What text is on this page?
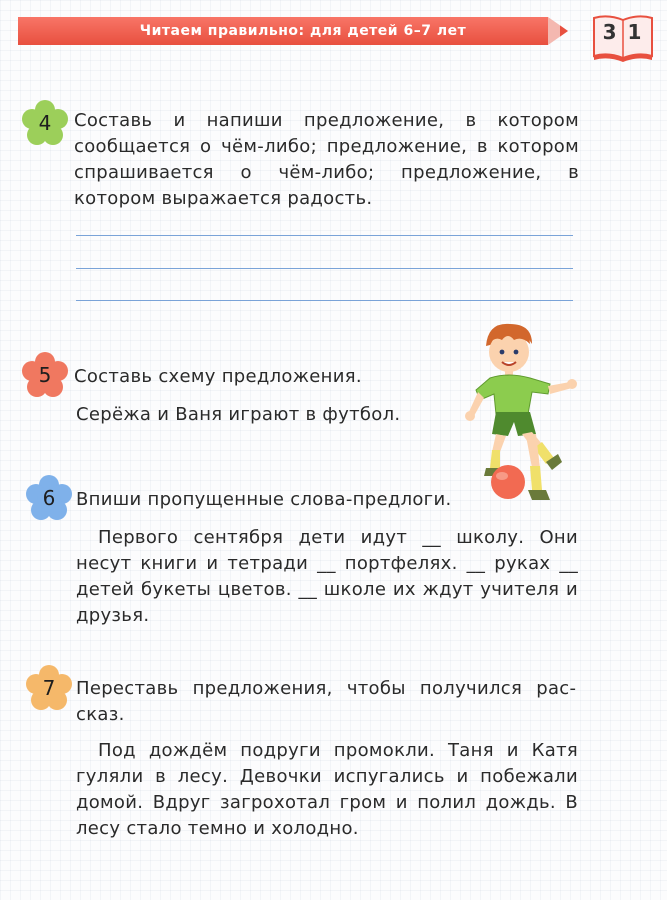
Читаем правильно: для детей 6–7 лет	3 1
4	Составь и напиши предложение, в котором сообщается о чём-либо; предложение, в котором спрашивается о чём-либо; предложение, в котором выражается радость.
5	Составь схему предложения.
Серёжа и Ваня играют в футбол.
6	Впиши пропущенные слова-предлоги.
Первого сентября дети идут __ школу. Они несут книги и тетради __ портфелях. __ руках __ детей букеты цветов. __ школе их ждут учителя и друзья.
7	Переставь предложения, чтобы получился рассказ.
Под дождём подруги промокли. Таня и Катя гуляли в лесу. Девочки испугались и побежали домой. Вдруг загрохотал гром и полил дождь. В лесу стало темно и холодно.
